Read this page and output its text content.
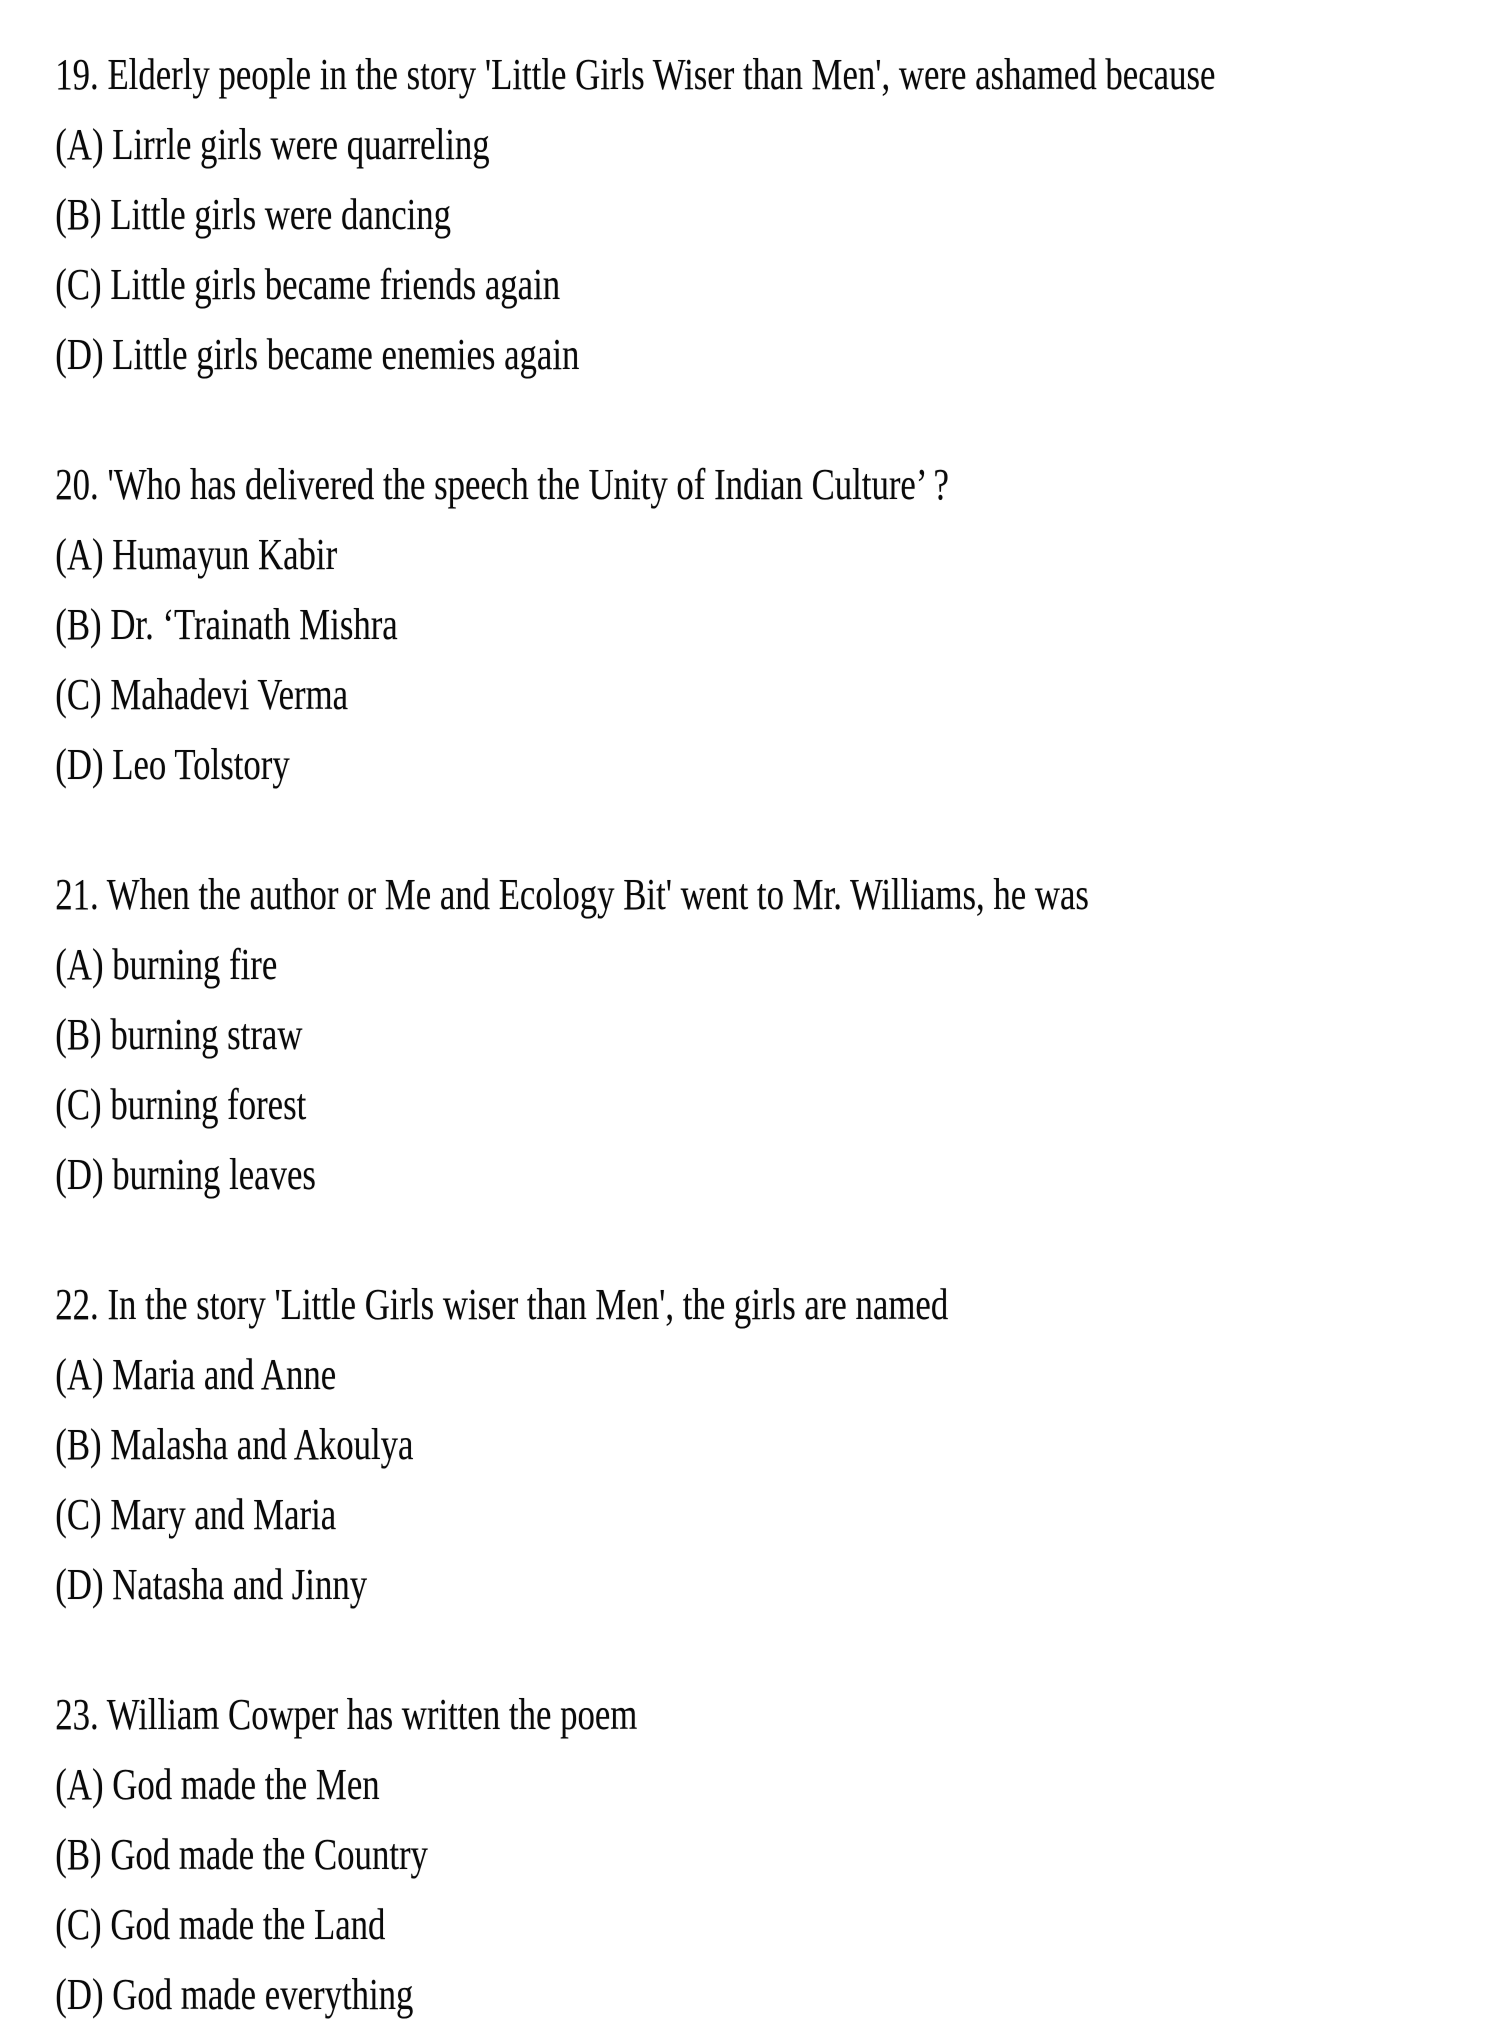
19. Elderly people in the story 'Little Girls Wiser than Men', were ashamed because
(A) Lirrle girls were quarreling
(B) Little girls were dancing
(C) Little girls became friends again
(D) Little girls became enemies again
20. 'Who has delivered the speech the Unity of Indian Culture’ ?
(A) Humayun Kabir
(B) Dr. ‘Trainath Mishra
(C) Mahadevi Verma
(D) Leo Tolstory
21. When the author or Me and Ecology Bit' went to Mr. Williams, he was
(A) burning fire
(B) burning straw
(C) burning forest
(D) burning leaves
22. In the story 'Little Girls wiser than Men', the girls are named
(A) Maria and Anne
(B) Malasha and Akoulya
(C) Mary and Maria
(D) Natasha and Jinny
23. William Cowper has written the poem
(A) God made the Men
(B) God made the Country
(C) God made the Land
(D) God made everything
